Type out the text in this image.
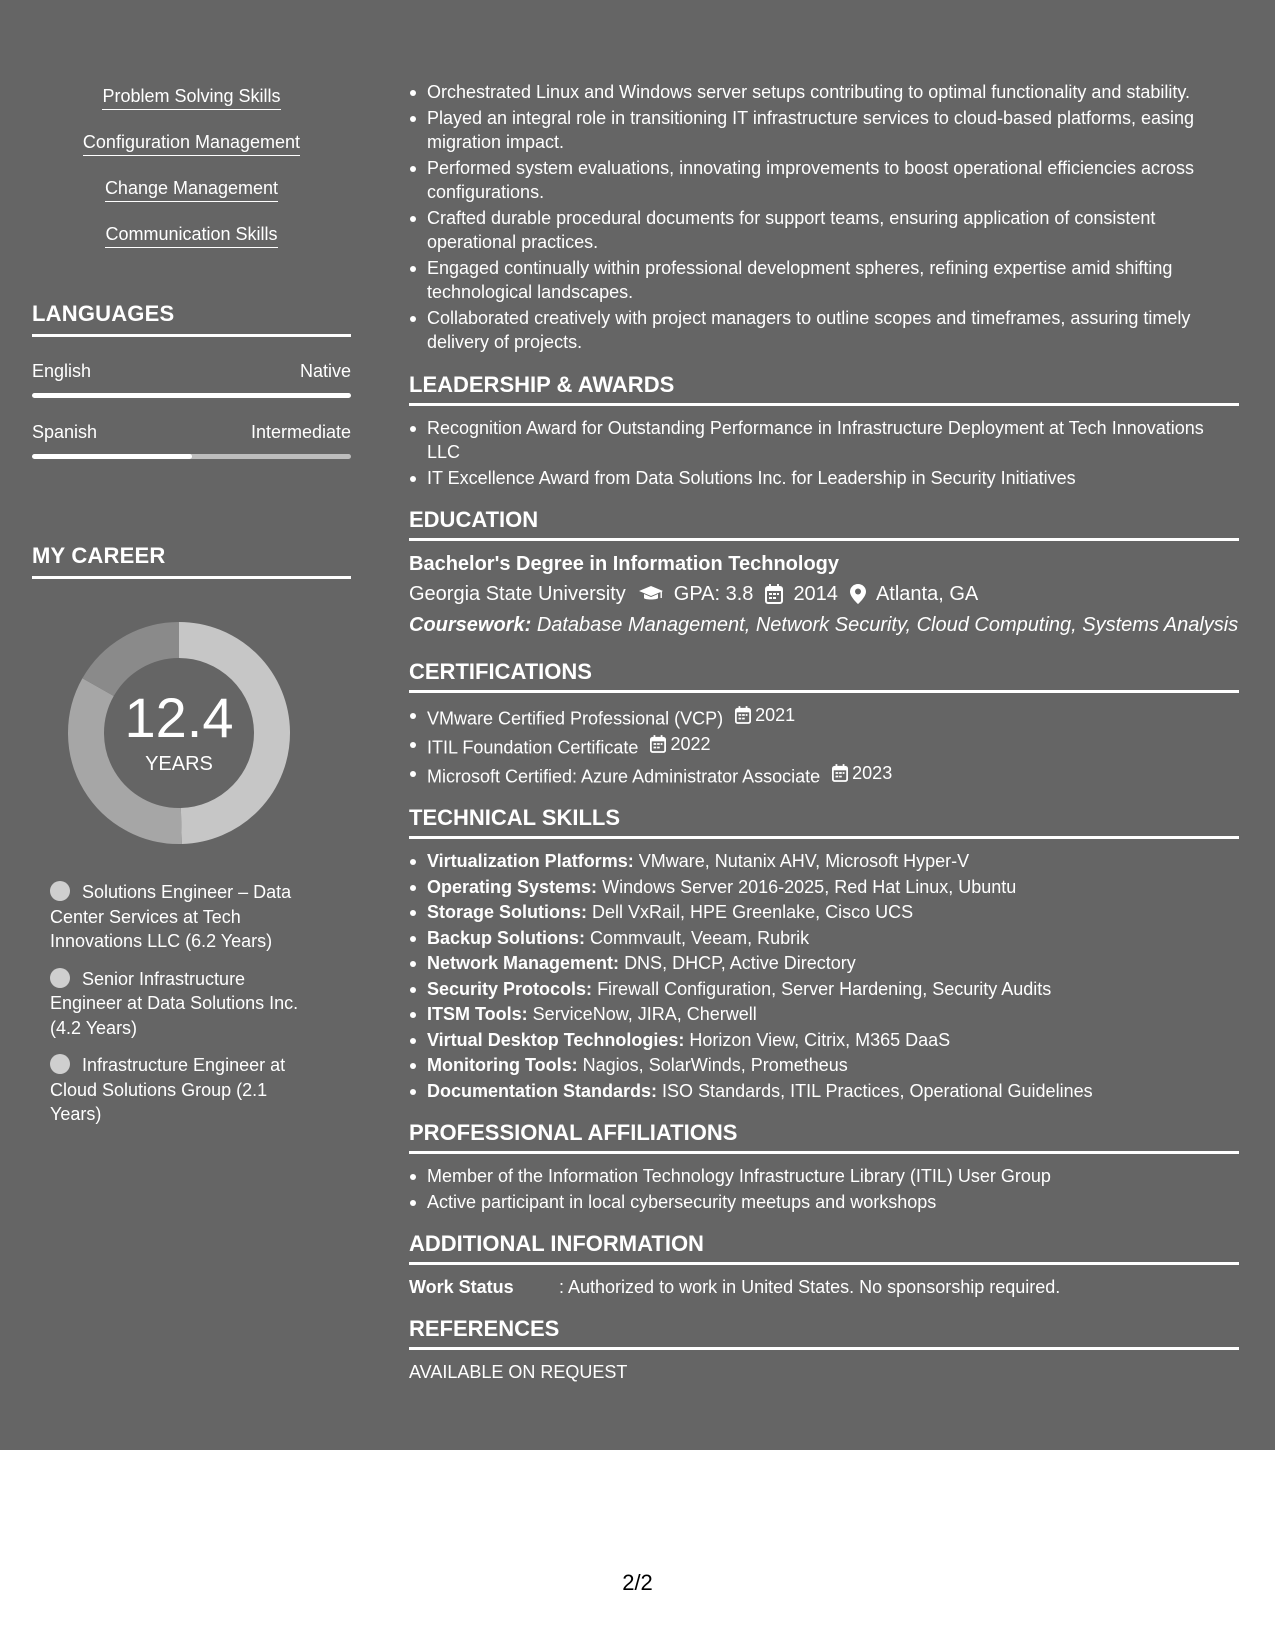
Problem Solving Skills
Configuration Management
Change Management
Communication Skills
LANGUAGES
English	Native
Spanish	Intermediate
MY CAREER
12.4
YEARS
Solutions Engineer – Data Center Services at Tech Innovations LLC (6.2 Years)
Senior Infrastructure Engineer at Data Solutions Inc. (4.2 Years)
Infrastructure Engineer at Cloud Solutions Group (2.1 Years)
Orchestrated Linux and Windows server setups contributing to optimal functionality and stability.
Played an integral role in transitioning IT infrastructure services to cloud-based platforms, easing migration impact.
Performed system evaluations, innovating improvements to boost operational efficiencies across configurations.
Crafted durable procedural documents for support teams, ensuring application of consistent operational practices.
Engaged continually within professional development spheres, refining expertise amid shifting technological landscapes.
Collaborated creatively with project managers to outline scopes and timeframes, assuring timely delivery of projects.
LEADERSHIP & AWARDS
Recognition Award for Outstanding Performance in Infrastructure Deployment at Tech Innovations LLC
IT Excellence Award from Data Solutions Inc. for Leadership in Security Initiatives
EDUCATION
Bachelor's Degree in Information Technology
Georgia State University GPA: 3.8 2014 Atlanta, GA
Coursework: Database Management, Network Security, Cloud Computing, Systems Analysis
CERTIFICATIONS
VMware Certified Professional (VCP) 2021
ITIL Foundation Certificate 2022
Microsoft Certified: Azure Administrator Associate 2023
TECHNICAL SKILLS
Virtualization Platforms: VMware, Nutanix AHV, Microsoft Hyper-V
Operating Systems: Windows Server 2016-2025, Red Hat Linux, Ubuntu
Storage Solutions: Dell VxRail, HPE Greenlake, Cisco UCS
Backup Solutions: Commvault, Veeam, Rubrik
Network Management: DNS, DHCP, Active Directory
Security Protocols: Firewall Configuration, Server Hardening, Security Audits
ITSM Tools: ServiceNow, JIRA, Cherwell
Virtual Desktop Technologies: Horizon View, Citrix, M365 DaaS
Monitoring Tools: Nagios, SolarWinds, Prometheus
Documentation Standards: ISO Standards, ITIL Practices, Operational Guidelines
PROFESSIONAL AFFILIATIONS
Member of the Information Technology Infrastructure Library (ITIL) User Group
Active participant in local cybersecurity meetups and workshops
ADDITIONAL INFORMATION
Work Status	: Authorized to work in United States. No sponsorship required.
REFERENCES
AVAILABLE ON REQUEST
2/2
